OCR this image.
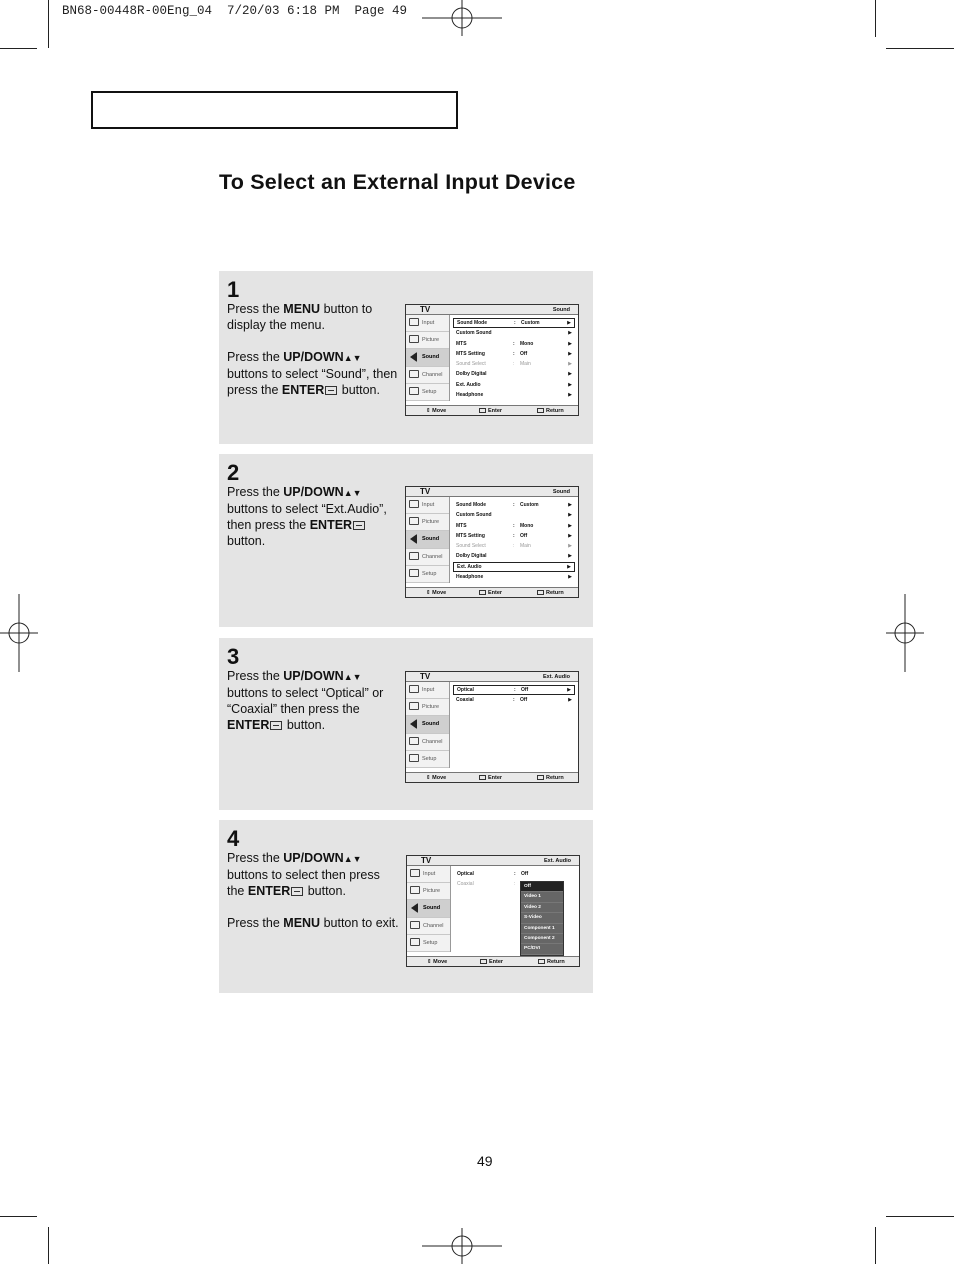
BN68-00448R-00Eng_04  7/20/03 6:18 PM  Page 49
To Select an External Input Device
1

Press the MENU button to display the menu.

Press the UP/DOWN▲▼ buttons to select “Sound”, then press the ENTER button.

TV	Sound
Input
Picture
Sound
Channel
Setup
Sound Mode	: Custom	▶
Custom Sound	▶
MTS	: Mono	▶
MTS Setting	: Off	▶
Sound Select	: Main	▶
Dolby Digital	▶
Ext. Audio	▶
Headphone	▶
⇕ Move	Enter	Return
2

Press the UP/DOWN▲▼ buttons to select “Ext.Audio”, then press the ENTER button.

TV	Sound
Input
Picture
Sound
Channel
Setup
Sound Mode	: Custom	▶
Custom Sound	▶
MTS	: Mono	▶
MTS Setting	: Off	▶
Sound Select	: Main	▶
Dolby Digital	▶
Ext. Audio	▶
Headphone	▶
⇕ Move	Enter	Return
3

Press the UP/DOWN▲▼ buttons to select “Optical” or “Coaxial” then press the ENTER button.

TV	Ext. Audio
Input
Picture
Sound
Channel
Setup
Optical	: Off	▶
Coaxial	: Off	▶
⇕ Move	Enter	Return
4

Press the UP/DOWN▲▼ buttons to select then press the ENTER button.

Press the MENU button to exit.

TV	Ext. Audio
Input
Picture
Sound
Channel
Setup
Optical	: Off
Coaxial	:	Off
Video 1
Video 2
S-Video
Component 1
Component 2
PC/DVI
⇕ Move	Enter	Return
49
